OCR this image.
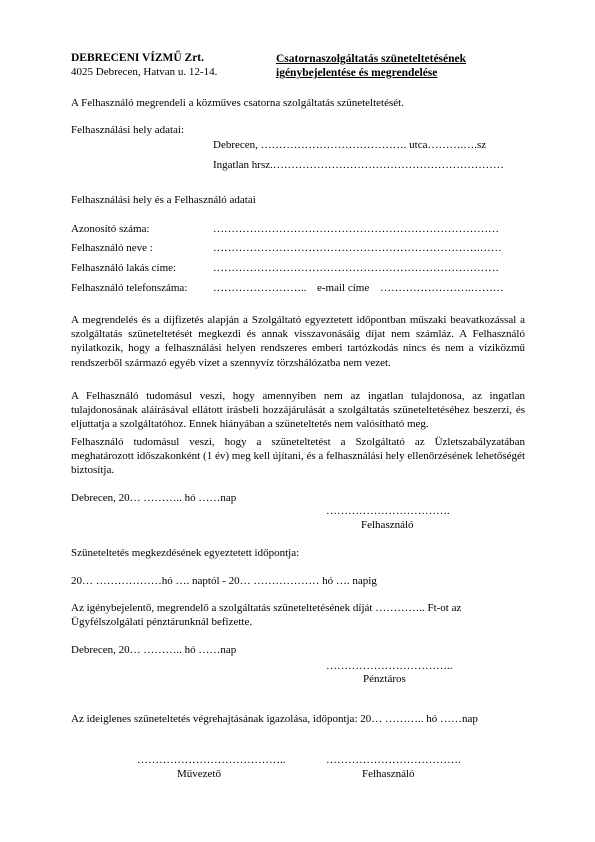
DEBRECENI VÍZMŰ Zrt.
4025 Debrecen, Hatvan u. 12-14.
Csatornaszolgáltatás szüneteltetésének
igénybejelentése és megrendelése
A Felhasználó megrendeli a közműves csatorna szolgáltatás szüneteltetését.
Felhasználási hely adatai:
Debrecen, …………………………………. utca……….….sz
Ingatlan hrsz.………………………………………………………
Felhasználási hely és a Felhasználó adatai
Azonosító száma:	……………………………………………………………………
Felhasználó neve :	……………………………………………………………….……
Felhasználó lakás címe:	……………………………………………………………………
Felhasználó telefonszáma: …………………….. e-mail címe …………………….………
A megrendelés és a díjfizetés alapján a Szolgáltató egyeztetett időpontban műszaki beavatkozással a szolgáltatás szüneteltetését megkezdi és annak visszavonásáig díjat nem számláz. A Felhasználó nyilatkozik, hogy a felhasználási helyen rendszeres emberi tartózkodás nincs és nem a viziközmű rendszerből származó egyéb vizet a szennyvíz törzshálózatba nem vezet.
A Felhasználó tudomásul veszi, hogy amennyiben nem az ingatlan tulajdonosa, az ingatlan tulajdonosának aláírásával ellátott írásbeli hozzájárulását a szolgáltatás szüneteltetéséhez beszerzi, és eljuttatja a szolgáltatóhoz. Ennek hiányában a szüneteltetés nem valósítható meg.
Felhasználó tudomásul veszi, hogy a szüneteltetést a Szolgáltató az Üzletszabályzatában meghatározott időszakonként (1 év) meg kell újítani, és a felhasználási hely ellenőrzésének lehetőségét biztosítja.
Debrecen, 20… ……….. hó ……nap
…………………………….
Felhasználó
Szüneteltetés megkezdésének egyeztetett időpontja:
20… ………………hó …. naptól - 20… ……………… hó …. napig
Az igénybejelentő, megrendelő a szolgáltatás szüneteltetésének díját ………….. Ft-ot az
Ügyfélszolgálati pénztárunknál befizette.
Debrecen, 20… ……….. hó ……nap
……………………………..
Pénztáros
Az ideiglenes szüneteltetés végrehajtásának igazolása, időpontja: 20… ……….. hó ……nap
…………………………………..
Művezető
……………………………….
Felhasználó
